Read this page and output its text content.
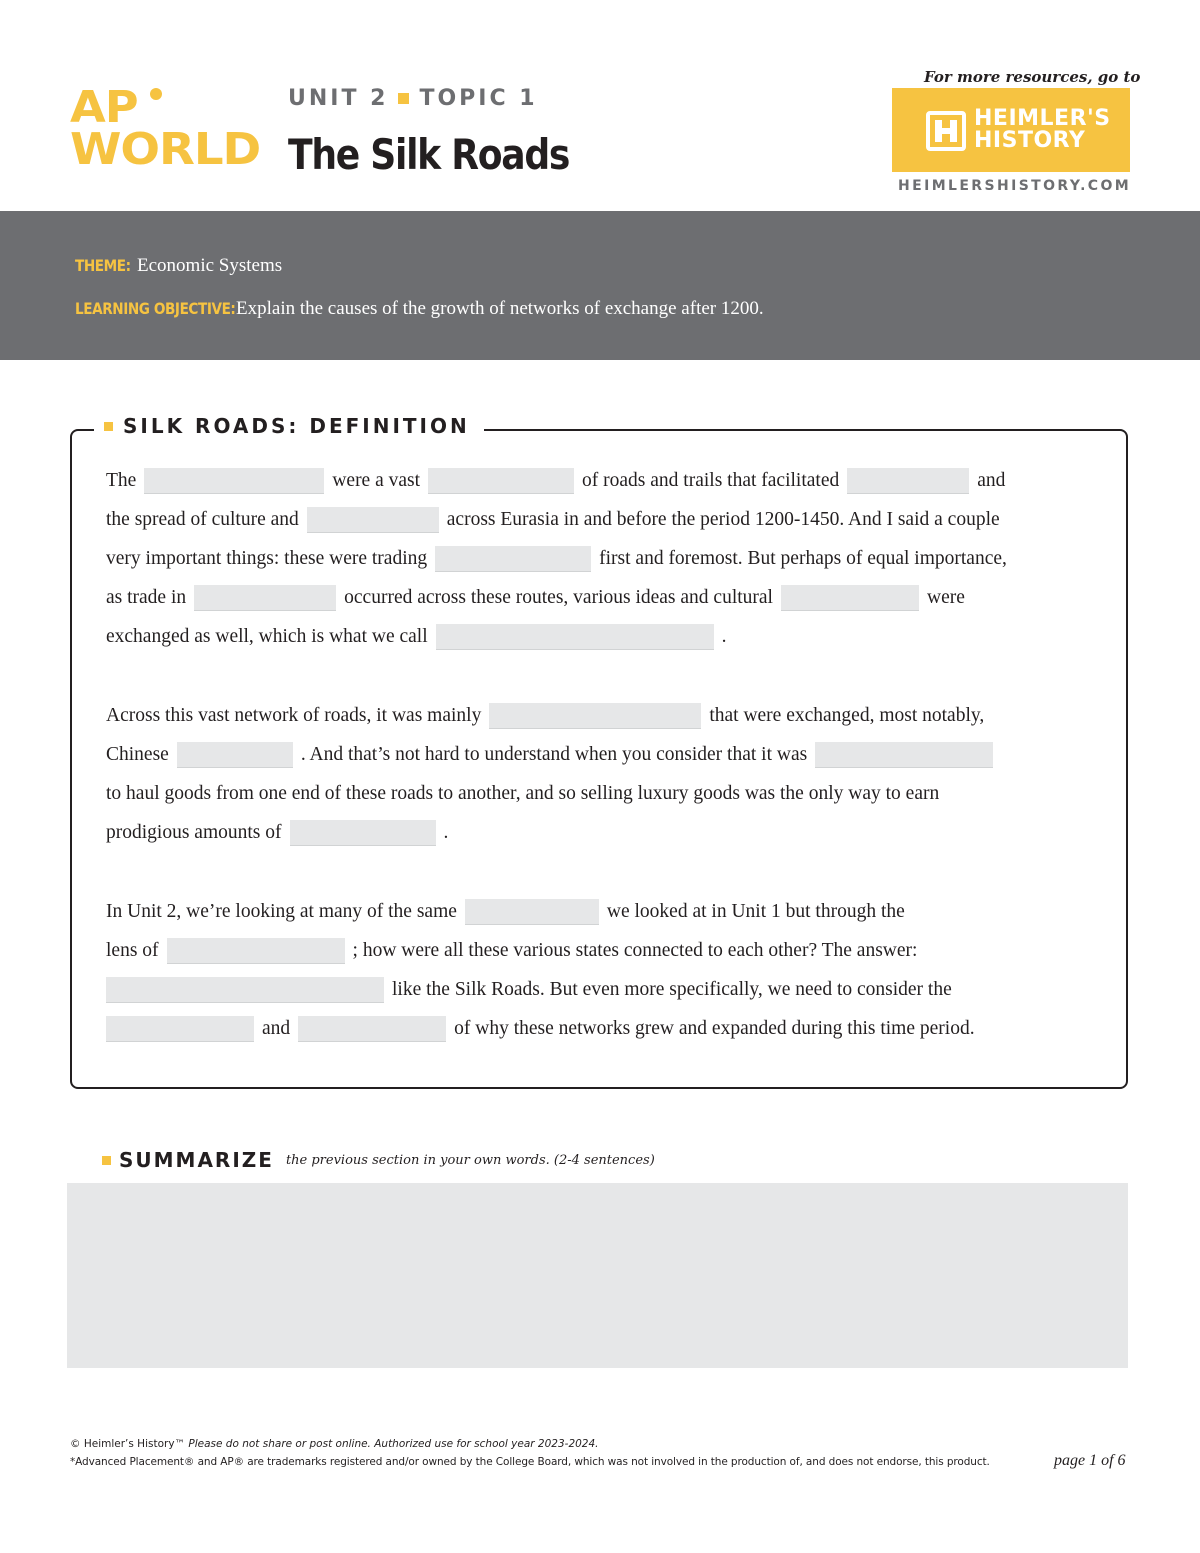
AP
WORLD
UNIT 2 TOPIC 1
The Silk Roads
For more resources, go to
HEIMLER'S
HISTORY
HEIMLERSHISTORY.COM
THEME: Economic Systems
LEARNING OBJECTIVE: Explain the causes of the growth of networks of exchange after 1200.
SILK ROADS: DEFINITION
The	were a vast	of roads and trails that facilitated	and
the spread of culture and	across Eurasia in and before the period 1200-1450. And I said a couple
very important things: these were trading	first and foremost. But perhaps of equal importance,
as trade in	occurred across these routes, various ideas and cultural	were
exchanged as well, which is what we call	.
Across this vast network of roads, it was mainly	that were exchanged, most notably,
Chinese	. And that’s not hard to understand when you consider that it was
to haul goods from one end of these roads to another, and so selling luxury goods was the only way to earn
prodigious amounts of	.
In Unit 2, we’re looking at many of the same	we looked at in Unit 1 but through the
lens of	; how were all these various states connected to each other? The answer:
like the Silk Roads. But even more specifically, we need to consider the
and	of why these networks grew and expanded during this time period.
SUMMARIZE the previous section in your own words. (2-4 sentences)
© Heimler’s History™ Please do not share or post online. Authorized use for school year 2023-2024.
*Advanced Placement® and AP® are trademarks registered and/or owned by the College Board, which was not involved in the production of, and does not endorse, this product.	page 1 of 6
